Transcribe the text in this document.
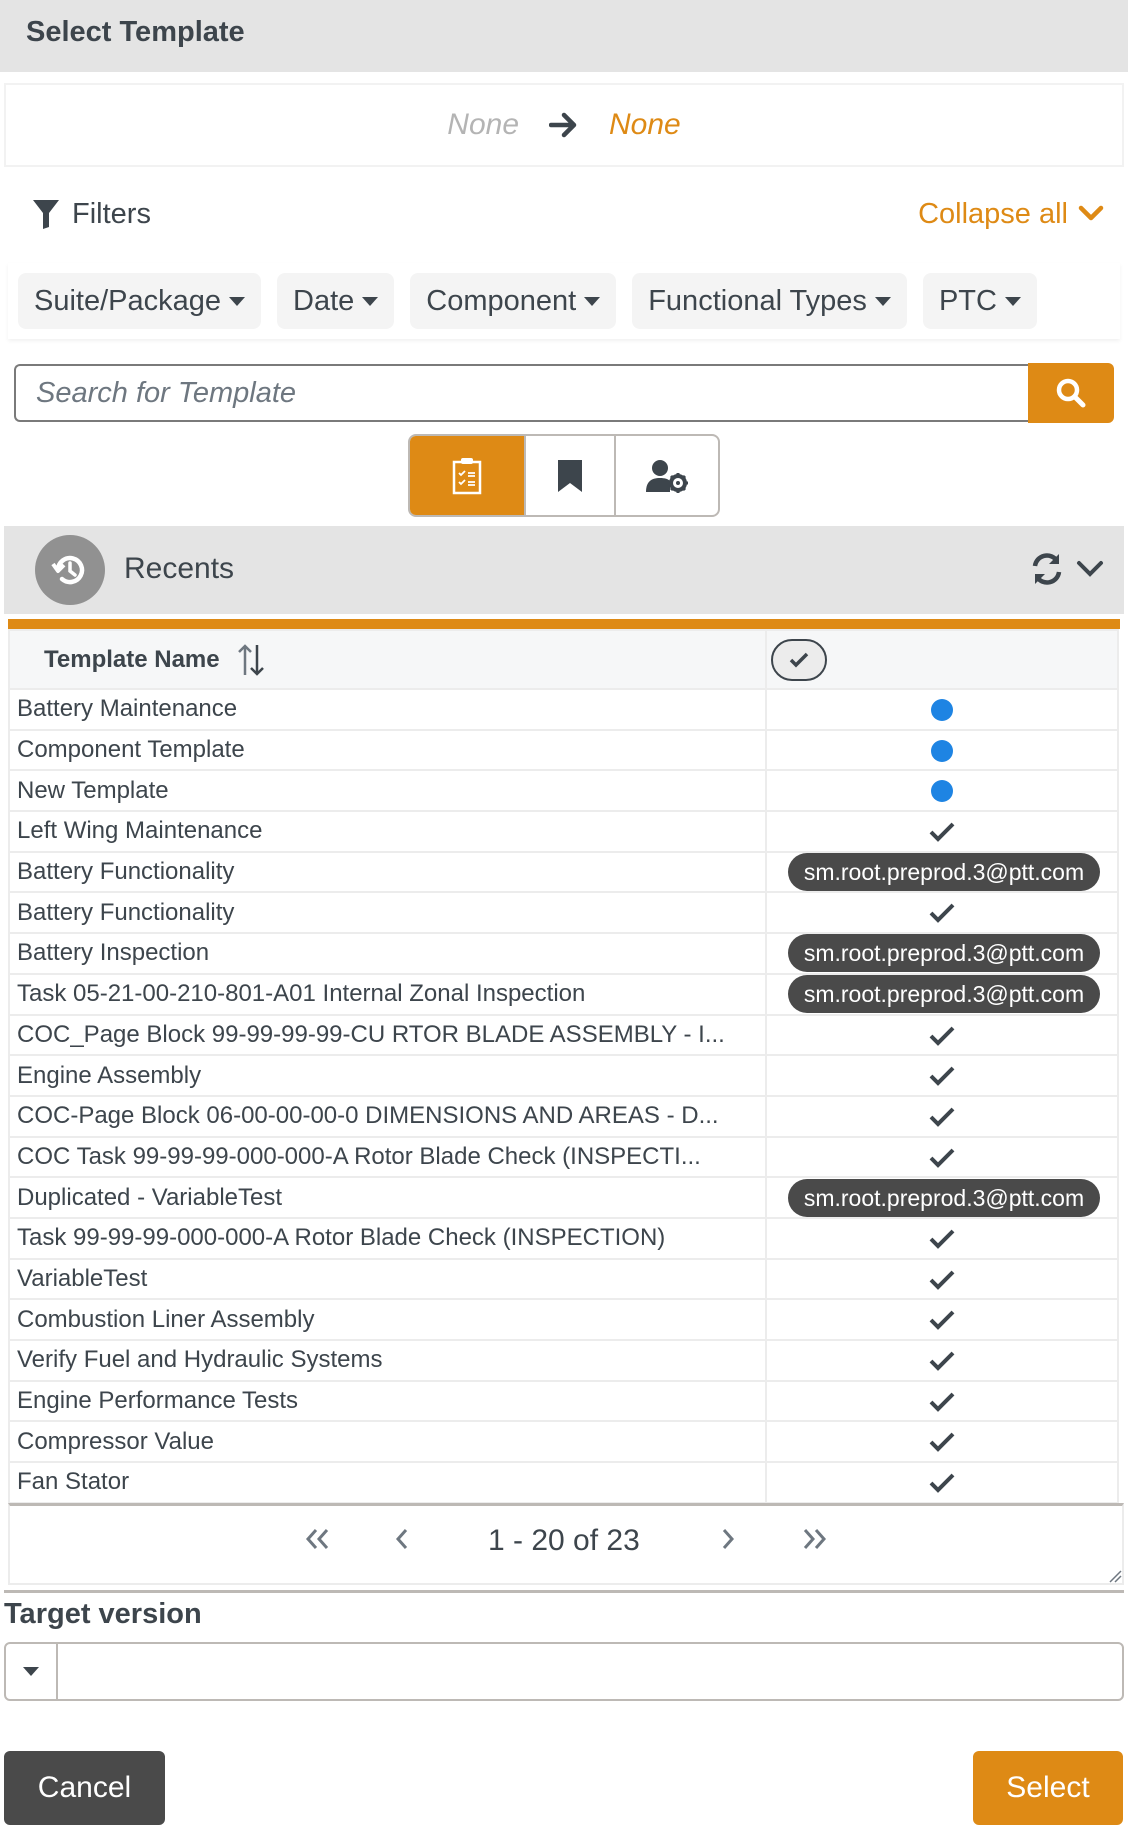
Select Template
None	None
Filters	Collapse all
Suite/Package Date Component Functional Types PTC
Search for Template
Recents
Template Name

Battery Maintenance	
Component Template	
New Template	
Left Wing Maintenance	
Battery Functionality	sm.root.preprod.3@ptt.com
Battery Functionality	
Battery Inspection	sm.root.preprod.3@ptt.com
Task 05-21-00-210-801-A01 Internal Zonal Inspection	sm.root.preprod.3@ptt.com
COC_Page Block 99-99-99-99-CU RTOR BLADE ASSEMBLY - I...	
Engine Assembly	
COC-Page Block 06-00-00-00-0 DIMENSIONS AND AREAS - D...	
COC Task 99-99-99-000-000-A Rotor Blade Check (INSPECTI...	
Duplicated - VariableTest	sm.root.preprod.3@ptt.com
Task 99-99-99-000-000-A Rotor Blade Check (INSPECTION)	
VariableTest	
Combustion Liner Assembly	
Verify Fuel and Hydraulic Systems	
Engine Performance Tests	
Compressor Value	
Fan Stator	
1 - 20 of 23
Target version
Cancel	Select
